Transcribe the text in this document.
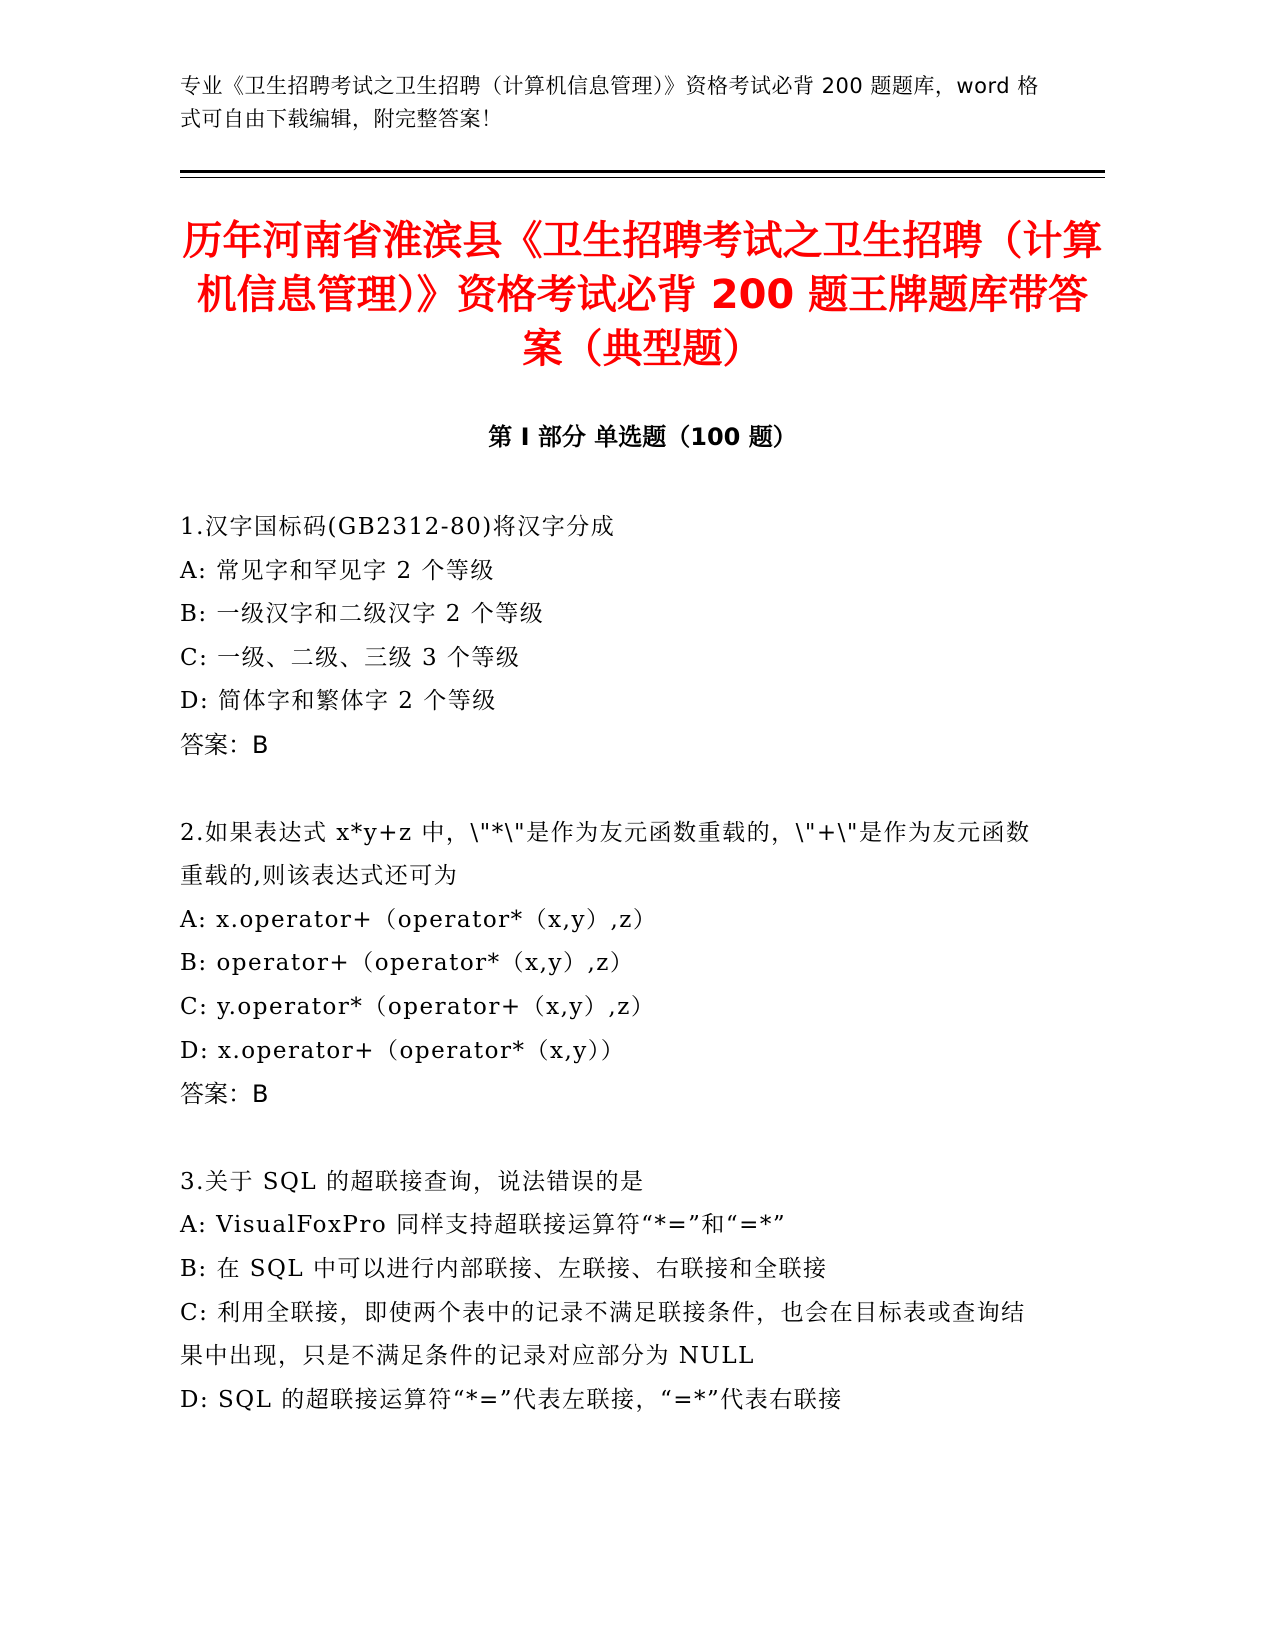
专业《卫生招聘考试之卫生招聘（计算机信息管理）》资格考试必背 200 题题库，word 格式可自由下载编辑，附完整答案！
历年河南省淮滨县《卫生招聘考试之卫生招聘（计算机信息管理）》资格考试必背 200 题王牌题库带答案（典型题）
第 I 部分 单选题（100 题）

1.汉字国标码(GB2312-80)将汉字分成

A: 常见字和罕见字 2 个等级

B: 一级汉字和二级汉字 2 个等级

C: 一级、二级、三级 3 个等级

D: 简体字和繁体字 2 个等级

答案：B

2.如果表达式 x*y+z 中，\"*\"是作为友元函数重载的，\"+\"是作为友元函数重载的,则该表达式还可为

A: x.operator+（operator*（x,y）,z）

B: operator+（operator*（x,y）,z）

C: y.operator*（operator+（x,y）,z）

D: x.operator+（operator*（x,y））

答案：B

3.关于 SQL 的超联接查询，说法错误的是

A: VisualFoxPro 同样支持超联接运算符“*=”和“=*”

B: 在 SQL 中可以进行内部联接、左联接、右联接和全联接

C: 利用全联接，即使两个表中的记录不满足联接条件，也会在目标表或查询结果中出现，只是不满足条件的记录对应部分为 NULL

D: SQL 的超联接运算符“*=”代表左联接，“=*”代表右联接
